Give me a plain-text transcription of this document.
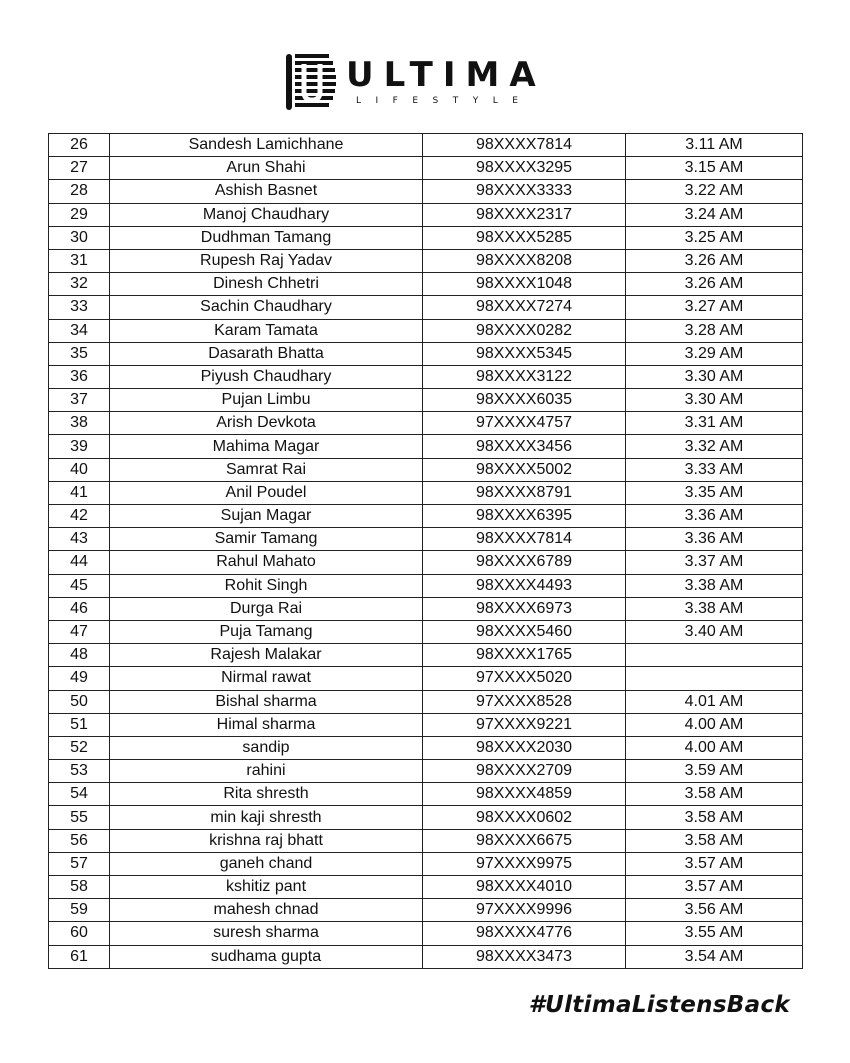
ULTIMA
LIFESTYLE
26	Sandesh Lamichhane	98XXXX7814	3.11 AM
27	Arun Shahi	98XXXX3295	3.15 AM
28	Ashish Basnet	98XXXX3333	3.22 AM
29	Manoj Chaudhary	98XXXX2317	3.24 AM
30	Dudhman Tamang	98XXXX5285	3.25 AM
31	Rupesh Raj Yadav	98XXXX8208	3.26 AM
32	Dinesh Chhetri	98XXXX1048	3.26 AM
33	Sachin Chaudhary	98XXXX7274	3.27 AM
34	Karam Tamata	98XXXX0282	3.28 AM
35	Dasarath Bhatta	98XXXX5345	3.29 AM
36	Piyush Chaudhary	98XXXX3122	3.30 AM
37	Pujan Limbu	98XXXX6035	3.30 AM
38	Arish Devkota	97XXXX4757	3.31 AM
39	Mahima Magar	98XXXX3456	3.32 AM
40	Samrat Rai	98XXXX5002	3.33 AM
41	Anil Poudel	98XXXX8791	3.35 AM
42	Sujan Magar	98XXXX6395	3.36 AM
43	Samir Tamang	98XXXX7814	3.36 AM
44	Rahul Mahato	98XXXX6789	3.37 AM
45	Rohit Singh	98XXXX4493	3.38 AM
46	Durga Rai	98XXXX6973	3.38 AM
47	Puja Tamang	98XXXX5460	3.40 AM
48	Rajesh Malakar	98XXXX1765	
49	Nirmal rawat	97XXXX5020	
50	Bishal sharma	97XXXX8528	4.01 AM
51	Himal sharma	97XXXX9221	4.00 AM
52	sandip	98XXXX2030	4.00 AM
53	rahini	98XXXX2709	3.59 AM
54	Rita shresth	98XXXX4859	3.58 AM
55	min kaji shresth	98XXXX0602	3.58 AM
56	krishna raj bhatt	98XXXX6675	3.58 AM
57	ganeh chand	97XXXX9975	3.57 AM
58	kshitiz pant	98XXXX4010	3.57 AM
59	mahesh chnad	97XXXX9996	3.56 AM
60	suresh sharma	98XXXX4776	3.55 AM
61	sudhama gupta	98XXXX3473	3.54 AM
#UltimaListensBack
